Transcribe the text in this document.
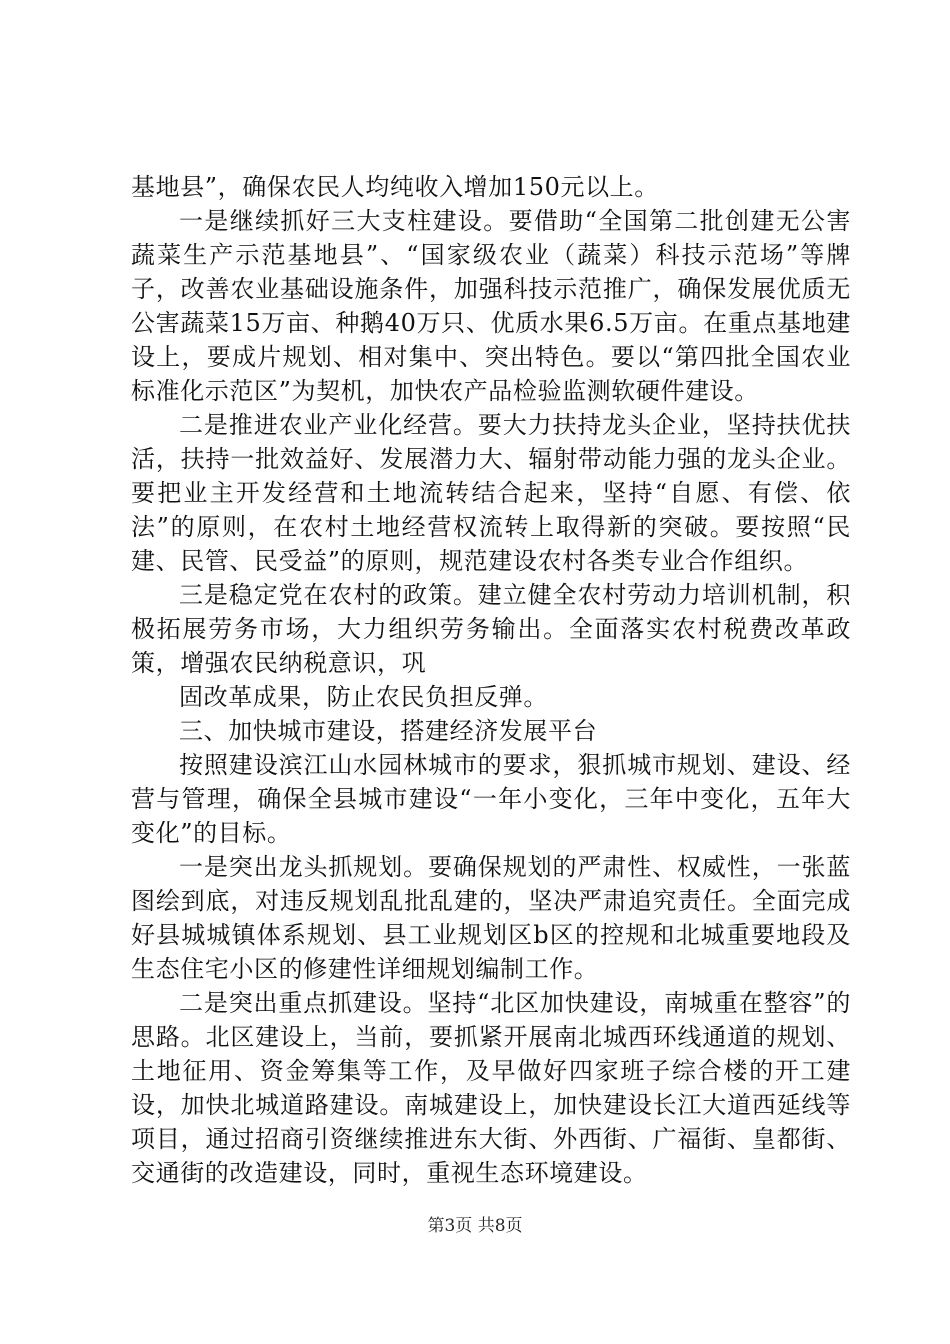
基地县”，确保农民人均纯收入增加150元以上。

一是继续抓好三大支柱建设。要借助“全国第二批创建无公害蔬菜生产示范基地县”、“国家级农业（蔬菜）科技示范场”等牌子，改善农业基础设施条件，加强科技示范推广，确保发展优质无公害蔬菜15万亩、种鹅40万只、优质水果6.5万亩。在重点基地建设上，要成片规划、相对集中、突出特色。要以“第四批全国农业标准化示范区”为契机，加快农产品检验监测软硬件建设。

二是推进农业产业化经营。要大力扶持龙头企业，坚持扶优扶活，扶持一批效益好、发展潜力大、辐射带动能力强的龙头企业。要把业主开发经营和土地流转结合起来，坚持“自愿、有偿、依法”的原则，在农村土地经营权流转上取得新的突破。要按照“民建、民管、民受益”的原则，规范建设农村各类专业合作组织。

三是稳定党在农村的政策。建立健全农村劳动力培训机制，积极拓展劳务市场，大力组织劳务输出。全面落实农村税费改革政策，增强农民纳税意识，巩

固改革成果，防止农民负担反弹。

三、加快城市建设，搭建经济发展平台

按照建设滨江山水园林城市的要求，狠抓城市规划、建设、经营与管理，确保全县城市建设“一年小变化，三年中变化，五年大变化”的目标。

一是突出龙头抓规划。要确保规划的严肃性、权威性，一张蓝图绘到底，对违反规划乱批乱建的，坚决严肃追究责任。全面完成好县城城镇体系规划、县工业规划区b区的控规和北城重要地段及生态住宅小区的修建性详细规划编制工作。

二是突出重点抓建设。坚持“北区加快建设，南城重在整容”的思路。北区建设上，当前，要抓紧开展南北城西环线通道的规划、土地征用、资金筹集等工作，及早做好四家班子综合楼的开工建设，加快北城道路建设。南城建设上，加快建设长江大道西延线等项目，通过招商引资继续推进东大街、外西街、广福街、皇都街、交通街的改造建设，同时，重视生态环境建设。

第3页 共8页
